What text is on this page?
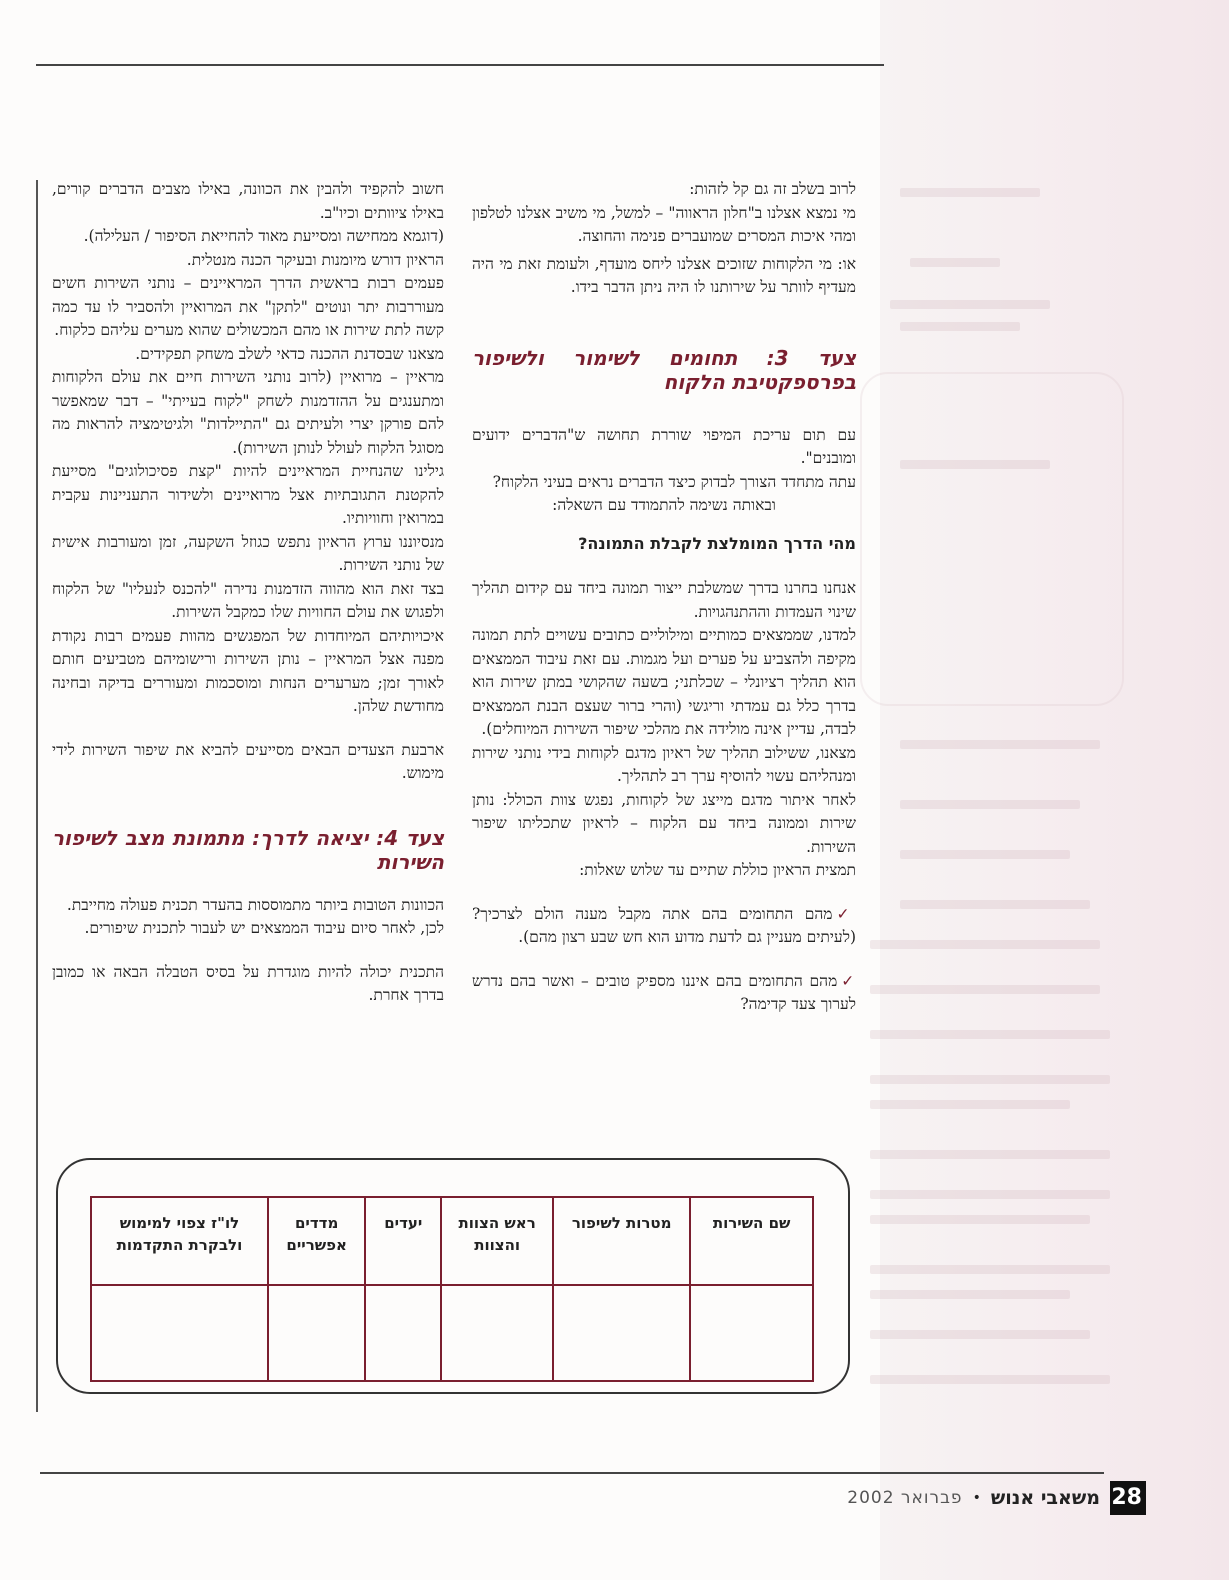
לרוב בשלב זה גם קל לזהות:

מי נמצא אצלנו ב"חלון הראווה" – למשל, מי משיב אצלנו לטלפון ומהי איכות המסרים שמועברים פנימה והחוצה.

או: מי הלקוחות שזוכים אצלנו ליחס מועדף, ולעומת זאת מי היה מעדיף לוותר על שירותנו לו היה ניתן הדבר בידו.

צעד 3: תחומים לשימור ולשיפור בפרספקטיבת הלקוח

עם תום עריכת המיפוי שוררת תחושה ש"הדברים ידועים ומובנים".

עתה מתחדד הצורך לבדוק כיצד הדברים נראים בעיני הלקוח?

ובאותה נשימה להתמודד עם השאלה:

מהי הדרך המומלצת לקבלת התמונה?

אנחנו בחרנו בדרך שמשלבת ייצור תמונה ביחד עם קידום תהליך שינוי העמדות וההתנהגויות.

למדנו, שממצאים כמותיים ומילוליים כתובים עשויים לתת תמונה מקיפה ולהצביע על פערים ועל מגמות. עם זאת עיבוד הממצאים הוא תהליך רציונלי – שכלתני; בשעה שהקושי במתן שירות הוא בדרך כלל גם עמדתי וריגשי (והרי ברור שעצם הבנת הממצאים לבדה, עדיין אינה מולידה את מהלכי שיפור השירות המיוחלים).

מצאנו, ששילוב תהליך של ראיון מדגם לקוחות בידי נותני שירות ומנהליהם עשוי להוסיף ערך רב לתהליך.

לאחר איתור מדגם מייצג של לקוחות, נפגש צוות הכולל: נותן שירות וממונה ביחד עם הלקוח – לראיון שתכליתו שיפור השירות.

תמצית הראיון כוללת שתיים עד שלוש שאלות:

✓מהם התחומים בהם אתה מקבל מענה הולם לצרכיך? (לעיתים מעניין גם לדעת מדוע הוא חש שבע רצון מהם).

✓מהם התחומים בהם איננו מספיק טובים – ואשר בהם נדרש לערוך צעד קדימה?

חשוב להקפיד ולהבין את הכוונה, באילו מצבים הדברים קורים, באילו ציוותים וכיו"ב.

(דוגמא ממחישה ומסייעת מאוד להחייאת הסיפור / העלילה).

הראיון דורש מיומנות ובעיקר הכנה מנטלית.

פעמים רבות בראשית הדרך המראיינים – נותני השירות חשים מעוררבות יתר ונוטים "לתקן" את המרואיין ולהסביר לו עד כמה קשה לתת שירות או מהם המכשולים שהוא מערים עליהם כלקוח.

מצאנו שבסדנת ההכנה כדאי לשלב משחק תפקידים.

מראיין – מרואיין (לרוב נותני השירות חיים את עולם הלקוחות ומתענגים על ההזדמנות לשחק "לקוח בעייתי" – דבר שמאפשר להם פורקן יצרי ולעיתים גם "התיילדות" ולגיטימציה להראות מה מסוגל הלקוח לעולל לנותן השירות).

גילינו שהנחיית המראיינים להיות "קצת פסיכולוגים" מסייעת להקטנת התגובתיות אצל מרואיינים ולשידור התעניינות עקבית במרואין וחוויותיו.

מנסיוננו ערוץ הראיון נתפש כגוזל השקעה, זמן ומעורבות אישית של נותני השירות.

בצד זאת הוא מהווה הזדמנות נדירה "להכנס לנעליו" של הלקוח ולפגוש את עולם החוויות שלו כמקבל השירות.

איכויותיהם המיוחדות של המפגשים מהוות פעמים רבות נקודת מפנה אצל המראיין – נותן השירות ורישומיהם מטביעים חותם לאורך זמן; מערערים הנחות ומוסכמות ומעוררים בדיקה ובחינה מחודשת שלהן.

ארבעת הצעדים הבאים מסייעים להביא את שיפור השירות לידי מימוש.

צעד 4: יציאה לדרך: מתמונת מצב לשיפור השירות

הכוונות הטובות ביותר מתמוססות בהעדר תכנית פעולה מחייבת.

לכן, לאחר סיום עיבוד הממצאים יש לעבור לתכנית שיפורים.

התכנית יכולה להיות מוגדרת על בסיס הטבלה הבאה או כמובן בדרך אחרת.

שם השירות	מטרות לשיפור	ראש הצוות והצוות	יעדים	מדדים אפשריים	לו"ז צפוי למימוש ולבקרת התקדמות

28
משאבי אנוש
•
פברואר 2002
